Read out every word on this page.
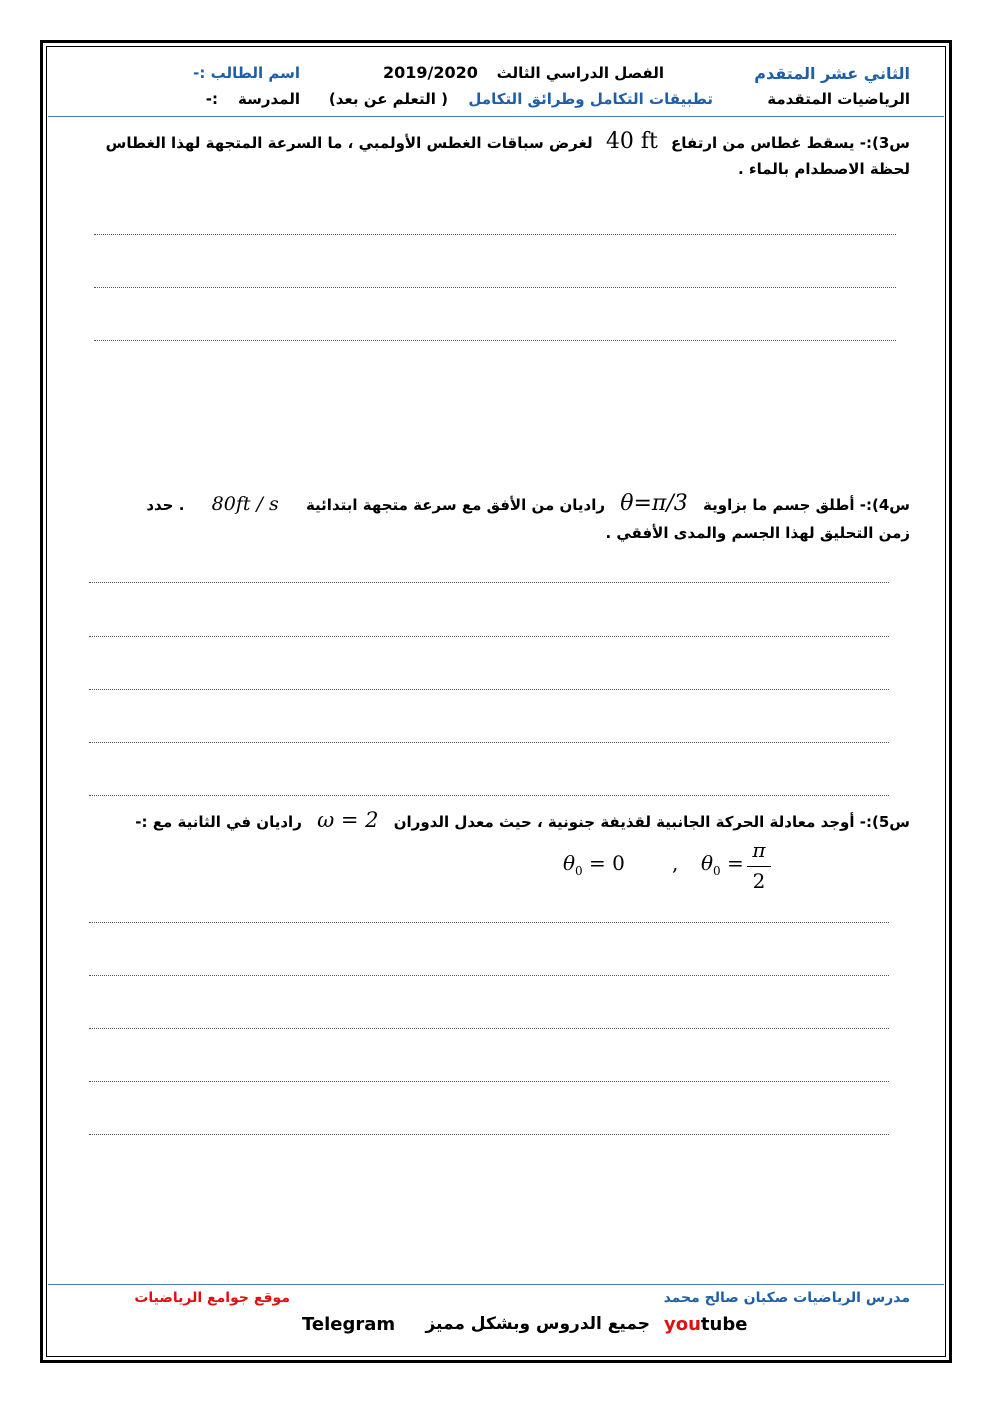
الثاني عشر المتقدم
الفصل الدراسي الثالث
2019/2020
اسم الطالب :-
الرياضيات المتقدمة
تطبيقات التكامل وطرائق التكامل
( التعلم عن بعد)
المدرسة
:-
س3):- يسقط غطاس من ارتفاع 40 ft لغرض سباقات الغطس الأولمبي ، ما السرعة المتجهة لهذا الغطاس
لحظة الاصطدام بالماء .
س4):- أطلق جسم ما بزاوية θ=π/3 راديان من الأفق مع سرعة متجهة ابتدائية 80ft / s . حدد
زمن التحليق لهذا الجسم والمدى الأفقي .
س5):- أوجد معادلة الحركة الجانبية لقذيفة جنونية ، حيث معدل الدوران ω = 2 راديان في الثانية مع :-
$\theta_0 = 0$ , $\theta_0$ =
π
2
مدرس الرياضيات صكبان صالح محمد
موقع جوامع الرياضيات
youtube
جميع الدروس وبشكل مميز
Telegram
